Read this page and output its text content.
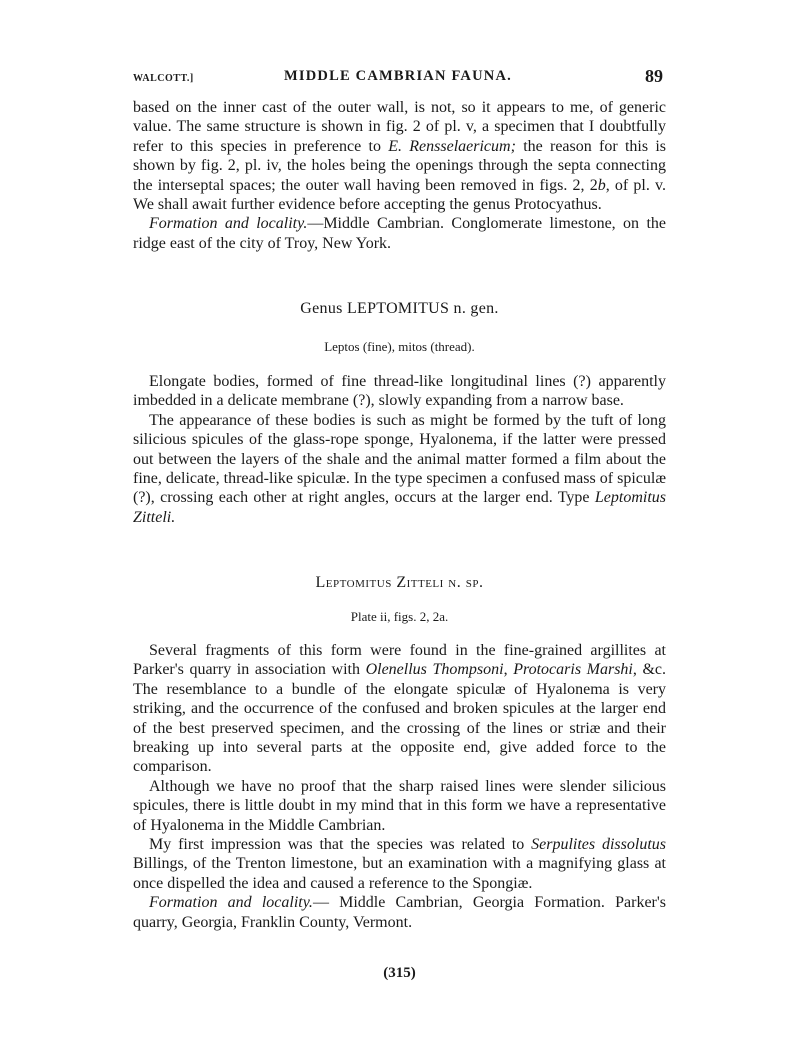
WALCOTT.]	MIDDLE CAMBRIAN FAUNA.	89

based on the inner cast of the outer wall, is not, so it appears to me, of generic value. The same structure is shown in fig. 2 of pl. v, a specimen that I doubtfully refer to this species in preference to E. Rensselaericum; the reason for this is shown by fig. 2, pl. iv, the holes being the openings through the septa connecting the interseptal spaces; the outer wall having been removed in figs. 2, 2b, of pl. v. We shall await further evidence before accepting the genus Protocyathus.

Formation and locality.—Middle Cambrian. Conglomerate limestone, on the ridge east of the city of Troy, New York.

Genus LEPTOMITUS n. gen.
Leptos (fine), mitos (thread).

Elongate bodies, formed of fine thread-like longitudinal lines (?) apparently imbedded in a delicate membrane (?), slowly expanding from a narrow base.

The appearance of these bodies is such as might be formed by the tuft of long silicious spicules of the glass-rope sponge, Hyalonema, if the latter were pressed out between the layers of the shale and the animal matter formed a film about the fine, delicate, thread-like spiculæ. In the type specimen a confused mass of spiculæ (?), crossing each other at right angles, occurs at the larger end. Type Leptomitus Zitteli.

Leptomitus Zitteli n. sp.
Plate ii, figs. 2, 2a.

Several fragments of this form were found in the fine-grained argillites at Parker's quarry in association with Olenellus Thompsoni, Protocaris Marshi, &c. The resemblance to a bundle of the elongate spiculæ of Hyalonema is very striking, and the occurrence of the confused and broken spicules at the larger end of the best preserved specimen, and the crossing of the lines or striæ and their breaking up into several parts at the opposite end, give added force to the comparison.

Although we have no proof that the sharp raised lines were slender silicious spicules, there is little doubt in my mind that in this form we have a representative of Hyalonema in the Middle Cambrian.

My first impression was that the species was related to Serpulites dissolutus Billings, of the Trenton limestone, but an examination with a magnifying glass at once dispelled the idea and caused a reference to the Spongiæ.

Formation and locality.— Middle Cambrian, Georgia Formation. Parker's quarry, Georgia, Franklin County, Vermont.

(315)
